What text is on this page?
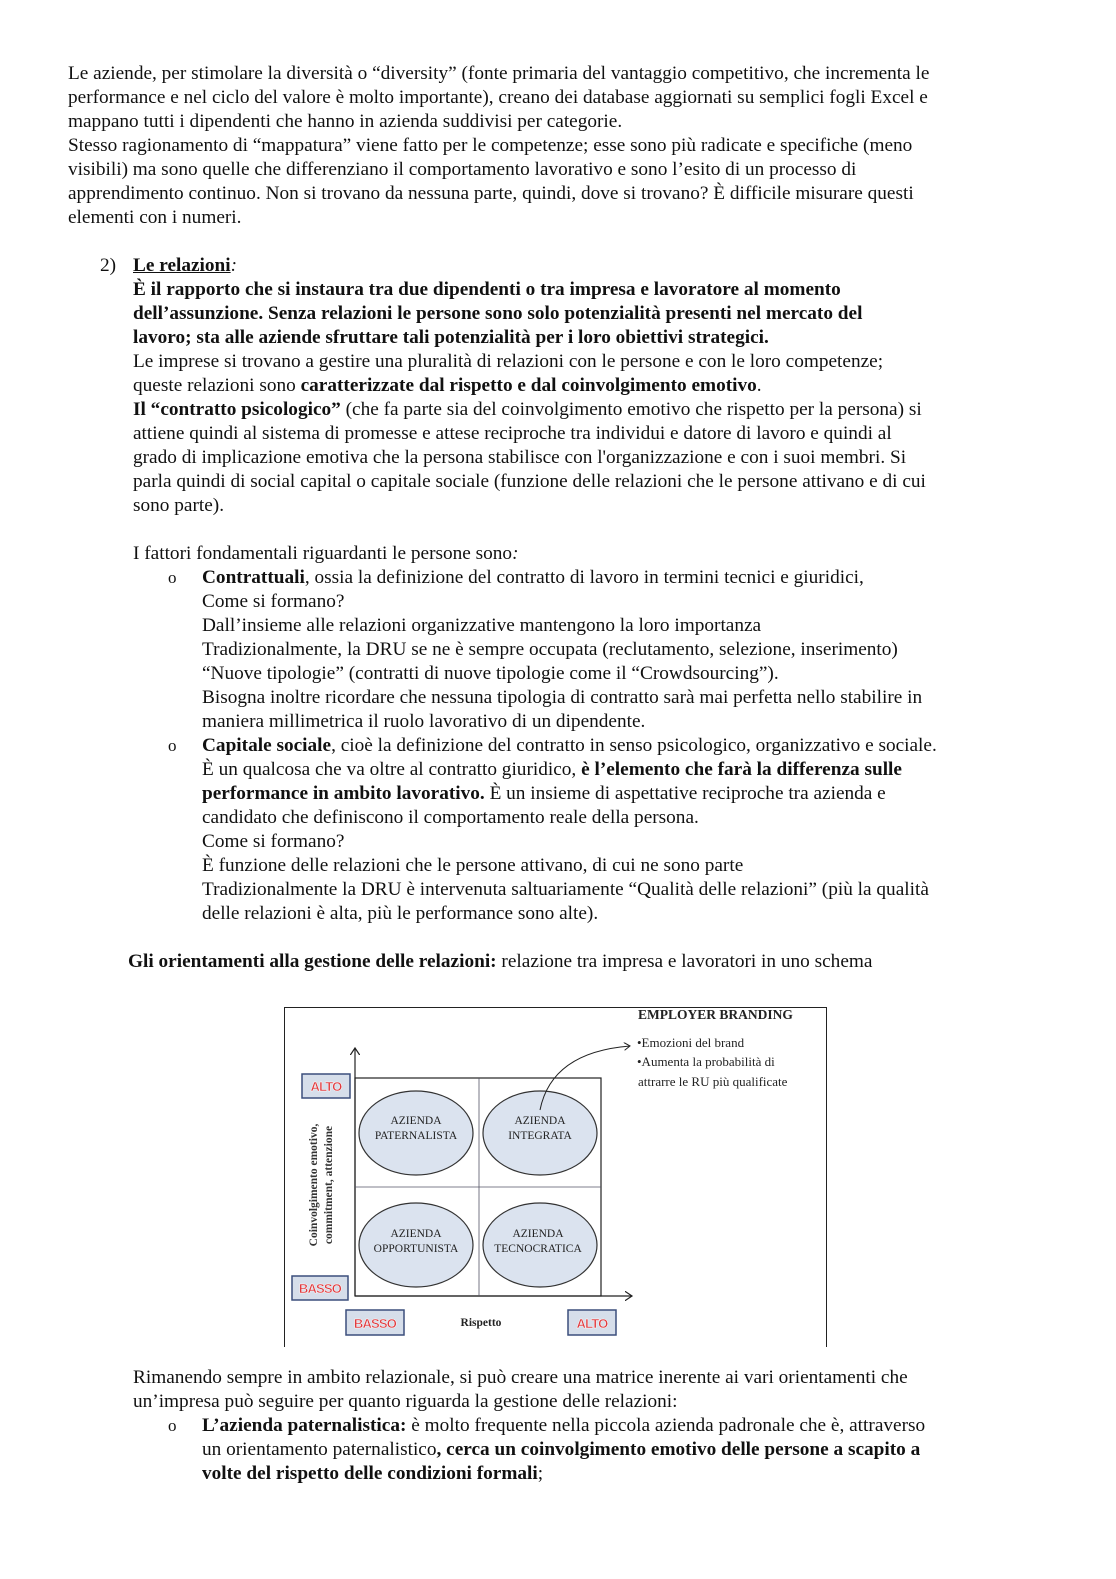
Le aziende, per stimolare la diversità o “diversity” (fonte primaria del vantaggio competitivo, che incrementa le
performance e nel ciclo del valore è molto importante), creano dei database aggiornati su semplici fogli Excel e
mappano tutti i dipendenti che hanno in azienda suddivisi per categorie.
Stesso ragionamento di “mappatura” viene fatto per le competenze; esse sono più radicate e specifiche (meno
visibili) ma sono quelle che differenziano il comportamento lavorativo e sono l’esito di un processo di
apprendimento continuo. Non si trovano da nessuna parte, quindi, dove si trovano? È difficile misurare questi
elementi con i numeri.
2) Le relazioni:
È il rapporto che si instaura tra due dipendenti o tra impresa e lavoratore al momento
dell’assunzione. Senza relazioni le persone sono solo potenzialità presenti nel mercato del
lavoro; sta alle aziende sfruttare tali potenzialità per i loro obiettivi strategici.
Le imprese si trovano a gestire una pluralità di relazioni con le persone e con le loro competenze;
queste relazioni sono caratterizzate dal rispetto e dal coinvolgimento emotivo.
Il “contratto psicologico” (che fa parte sia del coinvolgimento emotivo che rispetto per la persona) si
attiene quindi al sistema di promesse e attese reciproche tra individui e datore di lavoro e quindi al
grado di implicazione emotiva che la persona stabilisce con l'organizzazione e con i suoi membri. Si
parla quindi di social capital o capitale sociale (funzione delle relazioni che le persone attivano e di cui
sono parte).
I fattori fondamentali riguardanti le persone sono:
o Contrattuali, ossia la definizione del contratto di lavoro in termini tecnici e giuridici,
Come si formano?
Dall’insieme alle relazioni organizzative mantengono la loro importanza
Tradizionalmente, la DRU se ne è sempre occupata (reclutamento, selezione, inserimento)
“Nuove tipologie” (contratti di nuove tipologie come il “Crowdsourcing”).
Bisogna inoltre ricordare che nessuna tipologia di contratto sarà mai perfetta nello stabilire in
maniera millimetrica il ruolo lavorativo di un dipendente.
o Capitale sociale, cioè la definizione del contratto in senso psicologico, organizzativo e sociale.
È un qualcosa che va oltre al contratto giuridico, è l’elemento che farà la differenza sulle
performance in ambito lavorativo. È un insieme di aspettative reciproche tra azienda e
candidato che definiscono il comportamento reale della persona.
Come si formano?
È funzione delle relazioni che le persone attivano, di cui ne sono parte
Tradizionalmente la DRU è intervenuta saltuariamente “Qualità delle relazioni” (più la qualità
delle relazioni è alta, più le performance sono alte).
Gli orientamenti alla gestione delle relazioni: relazione tra impresa e lavoratori in uno schema
AZIENDA
PATERNALISTA
AZIENDA
INTEGRATA
AZIENDA
OPPORTUNISTA
AZIENDA
TECNOCRATICA
EMPLOYER BRANDING
•Emozioni del brand
•Aumenta la probabilità di
attrarre le RU più qualificate
Coinvolgimento emotivo, commitment, attenzione
Rispetto
ALTO
BASSO
BASSO	ALTO
Rimanendo sempre in ambito relazionale, si può creare una matrice inerente ai vari orientamenti che
un’impresa può seguire per quanto riguarda la gestione delle relazioni:
o L’azienda paternalistica: è molto frequente nella piccola azienda padronale che è, attraverso
un orientamento paternalistico, cerca un coinvolgimento emotivo delle persone a scapito a
volte del rispetto delle condizioni formali;
